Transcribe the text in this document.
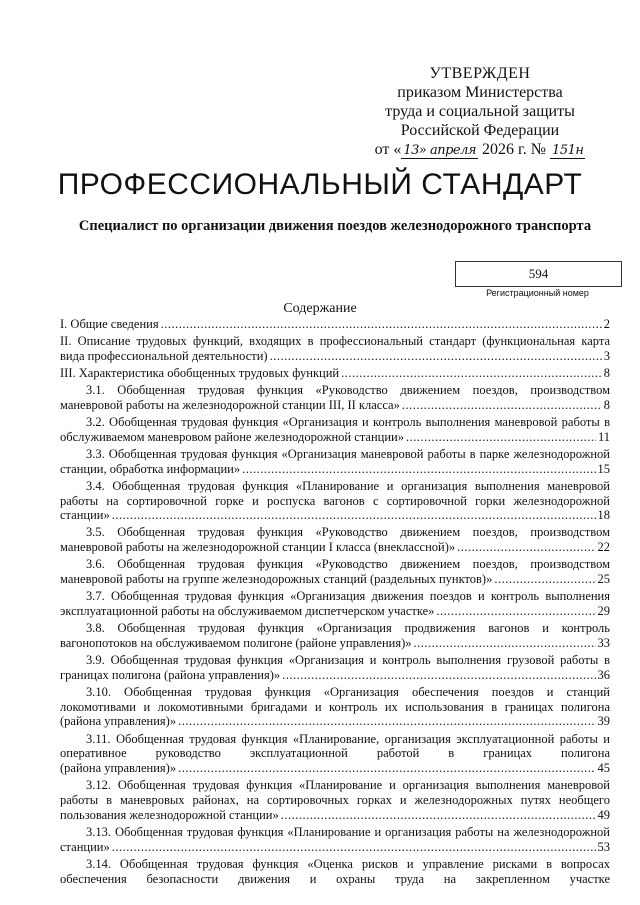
УТВЕРЖДЕН
приказом Министерства
труда и социальной защиты
Российской Федерации
от « 13» апреля 2026 г. № 151н
ПРОФЕССИОНАЛЬНЫЙ СТАНДАРТ
Специалист по организации движения поездов железнодорожного транспорта
594
Регистрационный номер
Содержание
I. Общие сведения .....	2
II. Описание трудовых функций, входящих в профессиональный стандарт (функциональная карта
вида профессиональной деятельности) .....	3
III. Характеристика обобщенных трудовых функций .....	8
3.1. Обобщенная трудовая функция «Руководство движением поездов, производством
маневровой работы на железнодорожной станции III, II класса» .....	8
3.2. Обобщенная трудовая функция «Организация и контроль выполнения маневровой работы в
обслуживаемом маневровом районе железнодорожной станции» .....	11
3.3. Обобщенная трудовая функция «Организация маневровой работы в парке железнодорожной
станции, обработка информации» .....	15
3.4. Обобщенная трудовая функция «Планирование и организация выполнения маневровой
работы на сортировочной горке и роспуска вагонов с сортировочной горки железнодорожной
станции» .....	18
3.5. Обобщенная трудовая функция «Руководство движением поездов, производством
маневровой работы на железнодорожной станции I класса (внеклассной)» .....	22
3.6. Обобщенная трудовая функция «Руководство движением поездов, производством
маневровой работы на группе железнодорожных станций (раздельных пунктов)» .....	25
3.7. Обобщенная трудовая функция «Организация движения поездов и контроль выполнения
эксплуатационной работы на обслуживаемом диспетчерском участке» .....	29
3.8. Обобщенная трудовая функция «Организация продвижения вагонов и контроль
вагонопотоков на обслуживаемом полигоне (районе управления)» .....	33
3.9. Обобщенная трудовая функция «Организация и контроль выполнения грузовой работы в
границах полигона (района управления)» .....	36
3.10. Обобщенная трудовая функция «Организация обеспечения поездов и станций
локомотивами и локомотивными бригадами и контроль их использования в границах полигона
(района управления)» .....	39
3.11. Обобщенная трудовая функция «Планирование, организация эксплуатационной работы и
оперативное руководство эксплуатационной работой в границах полигона
(района управления)» .....	45
3.12. Обобщенная трудовая функция «Планирование и организация выполнения маневровой
работы в маневровых районах, на сортировочных горках и железнодорожных путях необщего
пользования железнодорожной станции» .....	49
3.13. Обобщенная трудовая функция «Планирование и организация работы на железнодорожной
станции» .....	53
3.14. Обобщенная трудовая функция «Оценка рисков и управление рисками в вопросах
обеспечения безопасности движения и охраны труда на закрепленном участке
